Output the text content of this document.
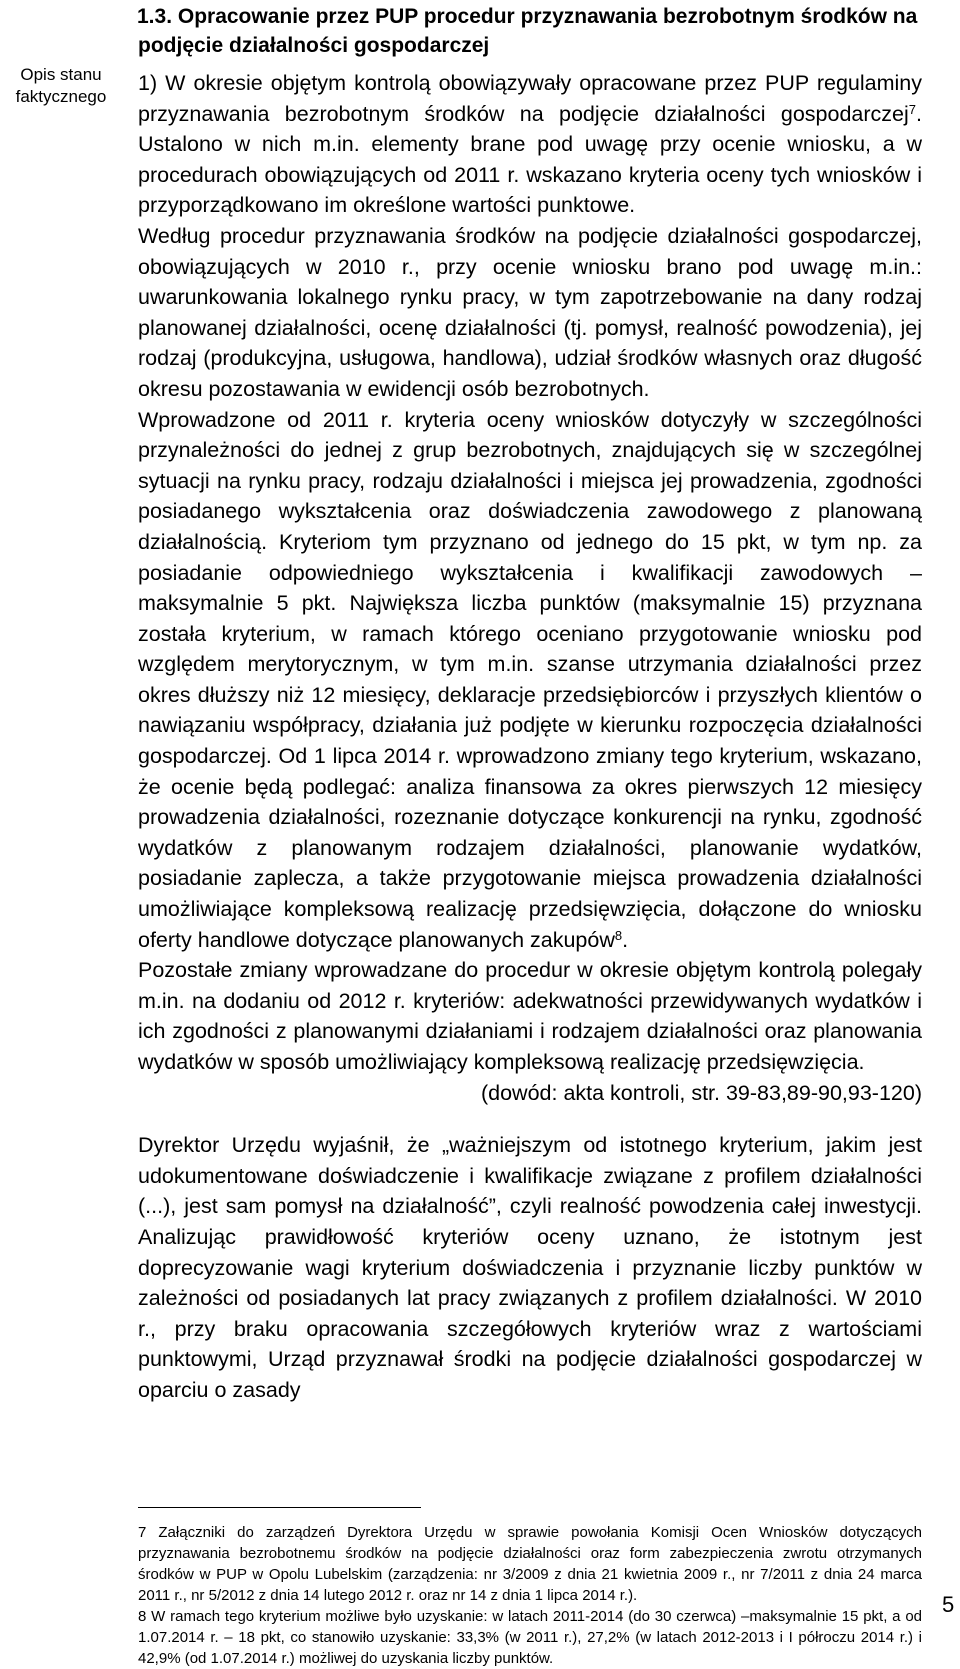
Opis stanu
faktycznego
1.3. Opracowanie przez PUP procedur przyznawania bezrobotnym środków na podjęcie działalności gospodarczej

1) W okresie objętym kontrolą obowiązywały opracowane przez PUP regulaminy przyznawania bezrobotnym środków na podjęcie działalności gospodarczej$^7$. Ustalono w nich m.in. elementy brane pod uwagę przy ocenie wniosku, a w procedurach obowiązujących od 2011 r. wskazano kryteria oceny tych wniosków i przyporządkowano im określone wartości punktowe.

Według procedur przyznawania środków na podjęcie działalności gospodarczej, obowiązujących w 2010 r., przy ocenie wniosku brano pod uwagę m.in.: uwarunkowania lokalnego rynku pracy, w tym zapotrzebowanie na dany rodzaj planowanej działalności, ocenę działalności (tj. pomysł, realność powodzenia), jej rodzaj (produkcyjna, usługowa, handlowa), udział środków własnych oraz długość okresu pozostawania w ewidencji osób bezrobotnych.

Wprowadzone od 2011 r. kryteria oceny wniosków dotyczyły w szczególności przynależności do jednej z grup bezrobotnych, znajdujących się w szczególnej sytuacji na rynku pracy, rodzaju działalności i miejsca jej prowadzenia, zgodności posiadanego wykształcenia oraz doświadczenia zawodowego z planowaną działalnością. Kryteriom tym przyznano od jednego do 15 pkt, w tym np. za posiadanie odpowiedniego wykształcenia i kwalifikacji zawodowych – maksymalnie 5 pkt. Największa liczba punktów (maksymalnie 15) przyznana została kryterium, w ramach którego oceniano przygotowanie wniosku pod względem merytorycznym, w tym m.in. szanse utrzymania działalności przez okres dłuższy niż 12 miesięcy, deklaracje przedsiębiorców i przyszłych klientów o nawiązaniu współpracy, działania już podjęte w kierunku rozpoczęcia działalności gospodarczej. Od 1 lipca 2014 r. wprowadzono zmiany tego kryterium, wskazano, że ocenie będą podlegać: analiza finansowa za okres pierwszych 12 miesięcy prowadzenia działalności, rozeznanie dotyczące konkurencji na rynku, zgodność wydatków z planowanym rodzajem działalności, planowanie wydatków, posiadanie zaplecza, a także przygotowanie miejsca prowadzenia działalności umożliwiające kompleksową realizację przedsięwzięcia, dołączone do wniosku oferty handlowe dotyczące planowanych zakupów$^8$.

Pozostałe zmiany wprowadzane do procedur w okresie objętym kontrolą polegały m.in. na dodaniu od 2012 r. kryteriów: adekwatności przewidywanych wydatków i ich zgodności z planowanymi działaniami i rodzajem działalności oraz planowania wydatków w sposób umożliwiający kompleksową realizację przedsięwzięcia.

(dowód: akta kontroli, str. 39-83,89-90,93-120)

Dyrektor Urzędu wyjaśnił, że „ważniejszym od istotnego kryterium, jakim jest udokumentowane doświadczenie i kwalifikacje związane z profilem działalności (...), jest sam pomysł na działalność”, czyli realność powodzenia całej inwestycji. Analizując prawidłowość kryteriów oceny uznano, że istotnym jest doprecyzowanie wagi kryterium doświadczenia i przyznanie liczby punktów w zależności od posiadanych lat pracy związanych z profilem działalności. W 2010 r., przy braku opracowania szczegółowych kryteriów wraz z wartościami punktowymi, Urząd przyznawał środki na podjęcie działalności gospodarczej w oparciu o zasady

7 Załączniki do zarządzeń Dyrektora Urzędu w sprawie powołania Komisji Ocen Wniosków dotyczących przyznawania bezrobotnemu środków na podjęcie działalności oraz form zabezpieczenia zwrotu otrzymanych środków w PUP w Opolu Lubelskim (zarządzenia: nr 3/2009 z dnia 21 kwietnia 2009 r., nr 7/2011 z dnia 24 marca 2011 r., nr 5/2012 z dnia 14 lutego 2012 r. oraz nr 14 z dnia 1 lipca 2014 r.).

8 W ramach tego kryterium możliwe było uzyskanie: w latach 2011-2014 (do 30 czerwca) –maksymalnie 15 pkt, a od 1.07.2014 r. – 18 pkt, co stanowiło uzyskanie: 33,3% (w 2011 r.), 27,2% (w latach 2012-2013 i I półroczu 2014 r.) i 42,9% (od 1.07.2014 r.) możliwej do uzyskania liczby punktów.

5
